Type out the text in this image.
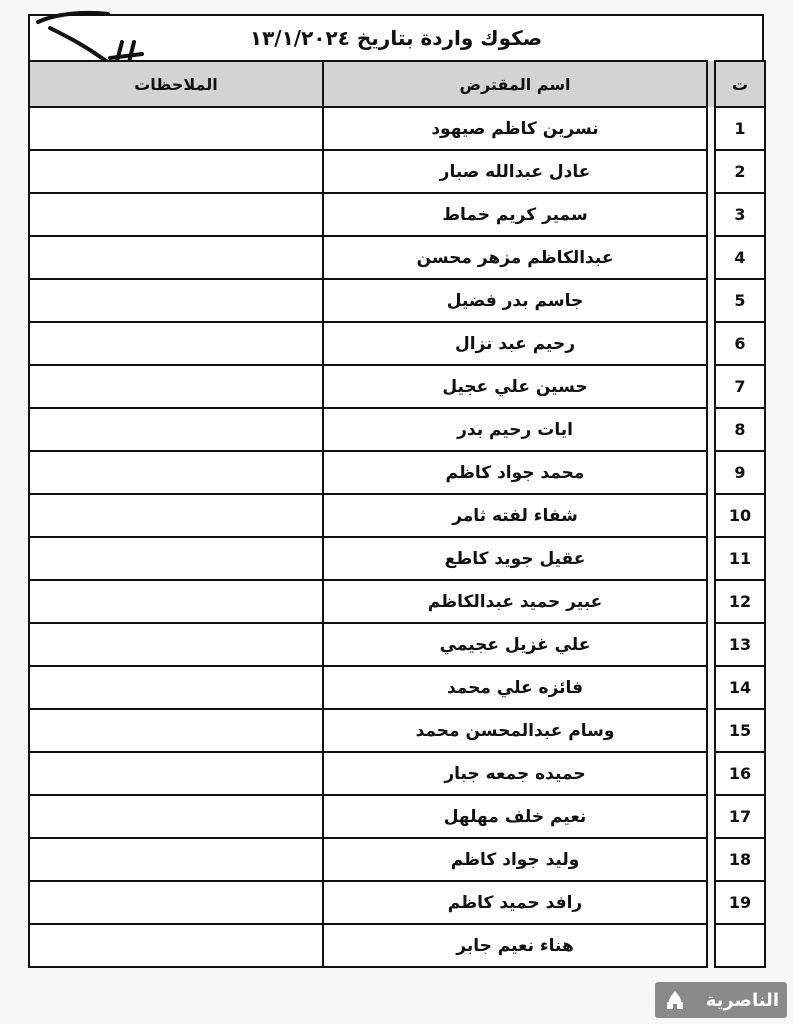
صكوك واردة بتاريخ ١٣/١/٢٠٢٤
ت		اسم المقترض	الملاحظات
1		نسرين كاظم صيهود	
2		عادل عبدالله صبار	
3		سمير كريم خماط	
4		عبدالكاظم مزهر محسن	
5		جاسم بدر فضيل	
6		رحيم عبد نزال	
7		حسين علي عجيل	
8		ايات رحيم بدر	
9		محمد جواد كاظم	
10		شفاء لفته ثامر	
11		عقيل جويد كاطع	
12		عبير حميد عبدالكاظم	
13		علي غزيل عجيمي	
14		فائزه علي محمد	
15		وسام عبدالمحسن محمد	
16		حميده جمعه جبار	
17		نعيم خلف مهلهل	
18		وليد جواد كاظم	
19		رافد حميد كاظم	
		هناء نعيم جابر	
الناصرية
